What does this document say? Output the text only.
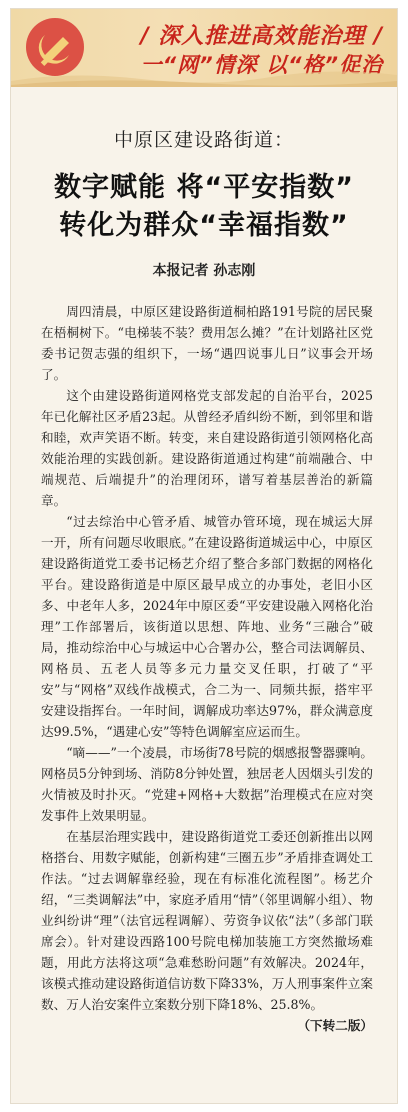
/ 深入推进高效能治理 /
一“网”情深 以“格”促治
中原区建设路街道：
数字赋能 将“平安指数”
转化为群众“幸福指数”
本报记者 孙志刚

周四清晨，中原区建设路街道桐柏路191号院的居民聚在梧桐树下。“电梯装不装？费用怎么摊？”在计划路社区党委书记贺志强的组织下，一场“遇四说事儿日”议事会开场了。

这个由建设路街道网格党支部发起的自治平台，2025年已化解社区矛盾23起。从曾经矛盾纠纷不断，到邻里和谐和睦，欢声笑语不断。转变，来自建设路街道引领网格化高效能治理的实践创新。建设路街道通过构建“前端融合、中端规范、后端提升”的治理闭环，谱写着基层善治的新篇章。

“过去综治中心管矛盾、城管办管环境，现在城运大屏一开，所有问题尽收眼底。”在建设路街道城运中心，中原区建设路街道党工委书记杨艺介绍了整合多部门数据的网格化平台。建设路街道是中原区最早成立的办事处，老旧小区多、中老年人多，2024年中原区委“平安建设融入网格化治理”工作部署后，该街道以思想、阵地、业务“三融合”破局，推动综治中心与城运中心合署办公，整合司法调解员、网格员、五老人员等多元力量交叉任职，打破了“平安”与“网格”双线作战模式，合二为一、同频共振，搭牢平安建设指挥台。一年时间，调解成功率达97%，群众满意度达99.5%，“遇建心安”等特色调解室应运而生。

“嘀——”一个凌晨，市场街78号院的烟感报警器骤响。网格员5分钟到场、消防8分钟处置，独居老人因烟头引发的火情被及时扑灭。“党建+网格+大数据”治理模式在应对突发事件上效果明显。

在基层治理实践中，建设路街道党工委还创新推出以网格搭台、用数字赋能，创新构建“三圈五步”矛盾排查调处工作法。“过去调解靠经验，现在有标准化流程图”。杨艺介绍，“三类调解法”中，家庭矛盾用“情”（邻里调解小组）、物业纠纷讲“理”（法官远程调解）、劳资争议依“法”（多部门联席会）。针对建设西路100号院电梯加装施工方突然撤场难题，用此方法将这项“急难愁盼问题”有效解决。2024年，该模式推动建设路街道信访数下降33%，万人刑事案件立案数、万人治安案件立案数分别下降18%、25.8%。
（下转二版）
